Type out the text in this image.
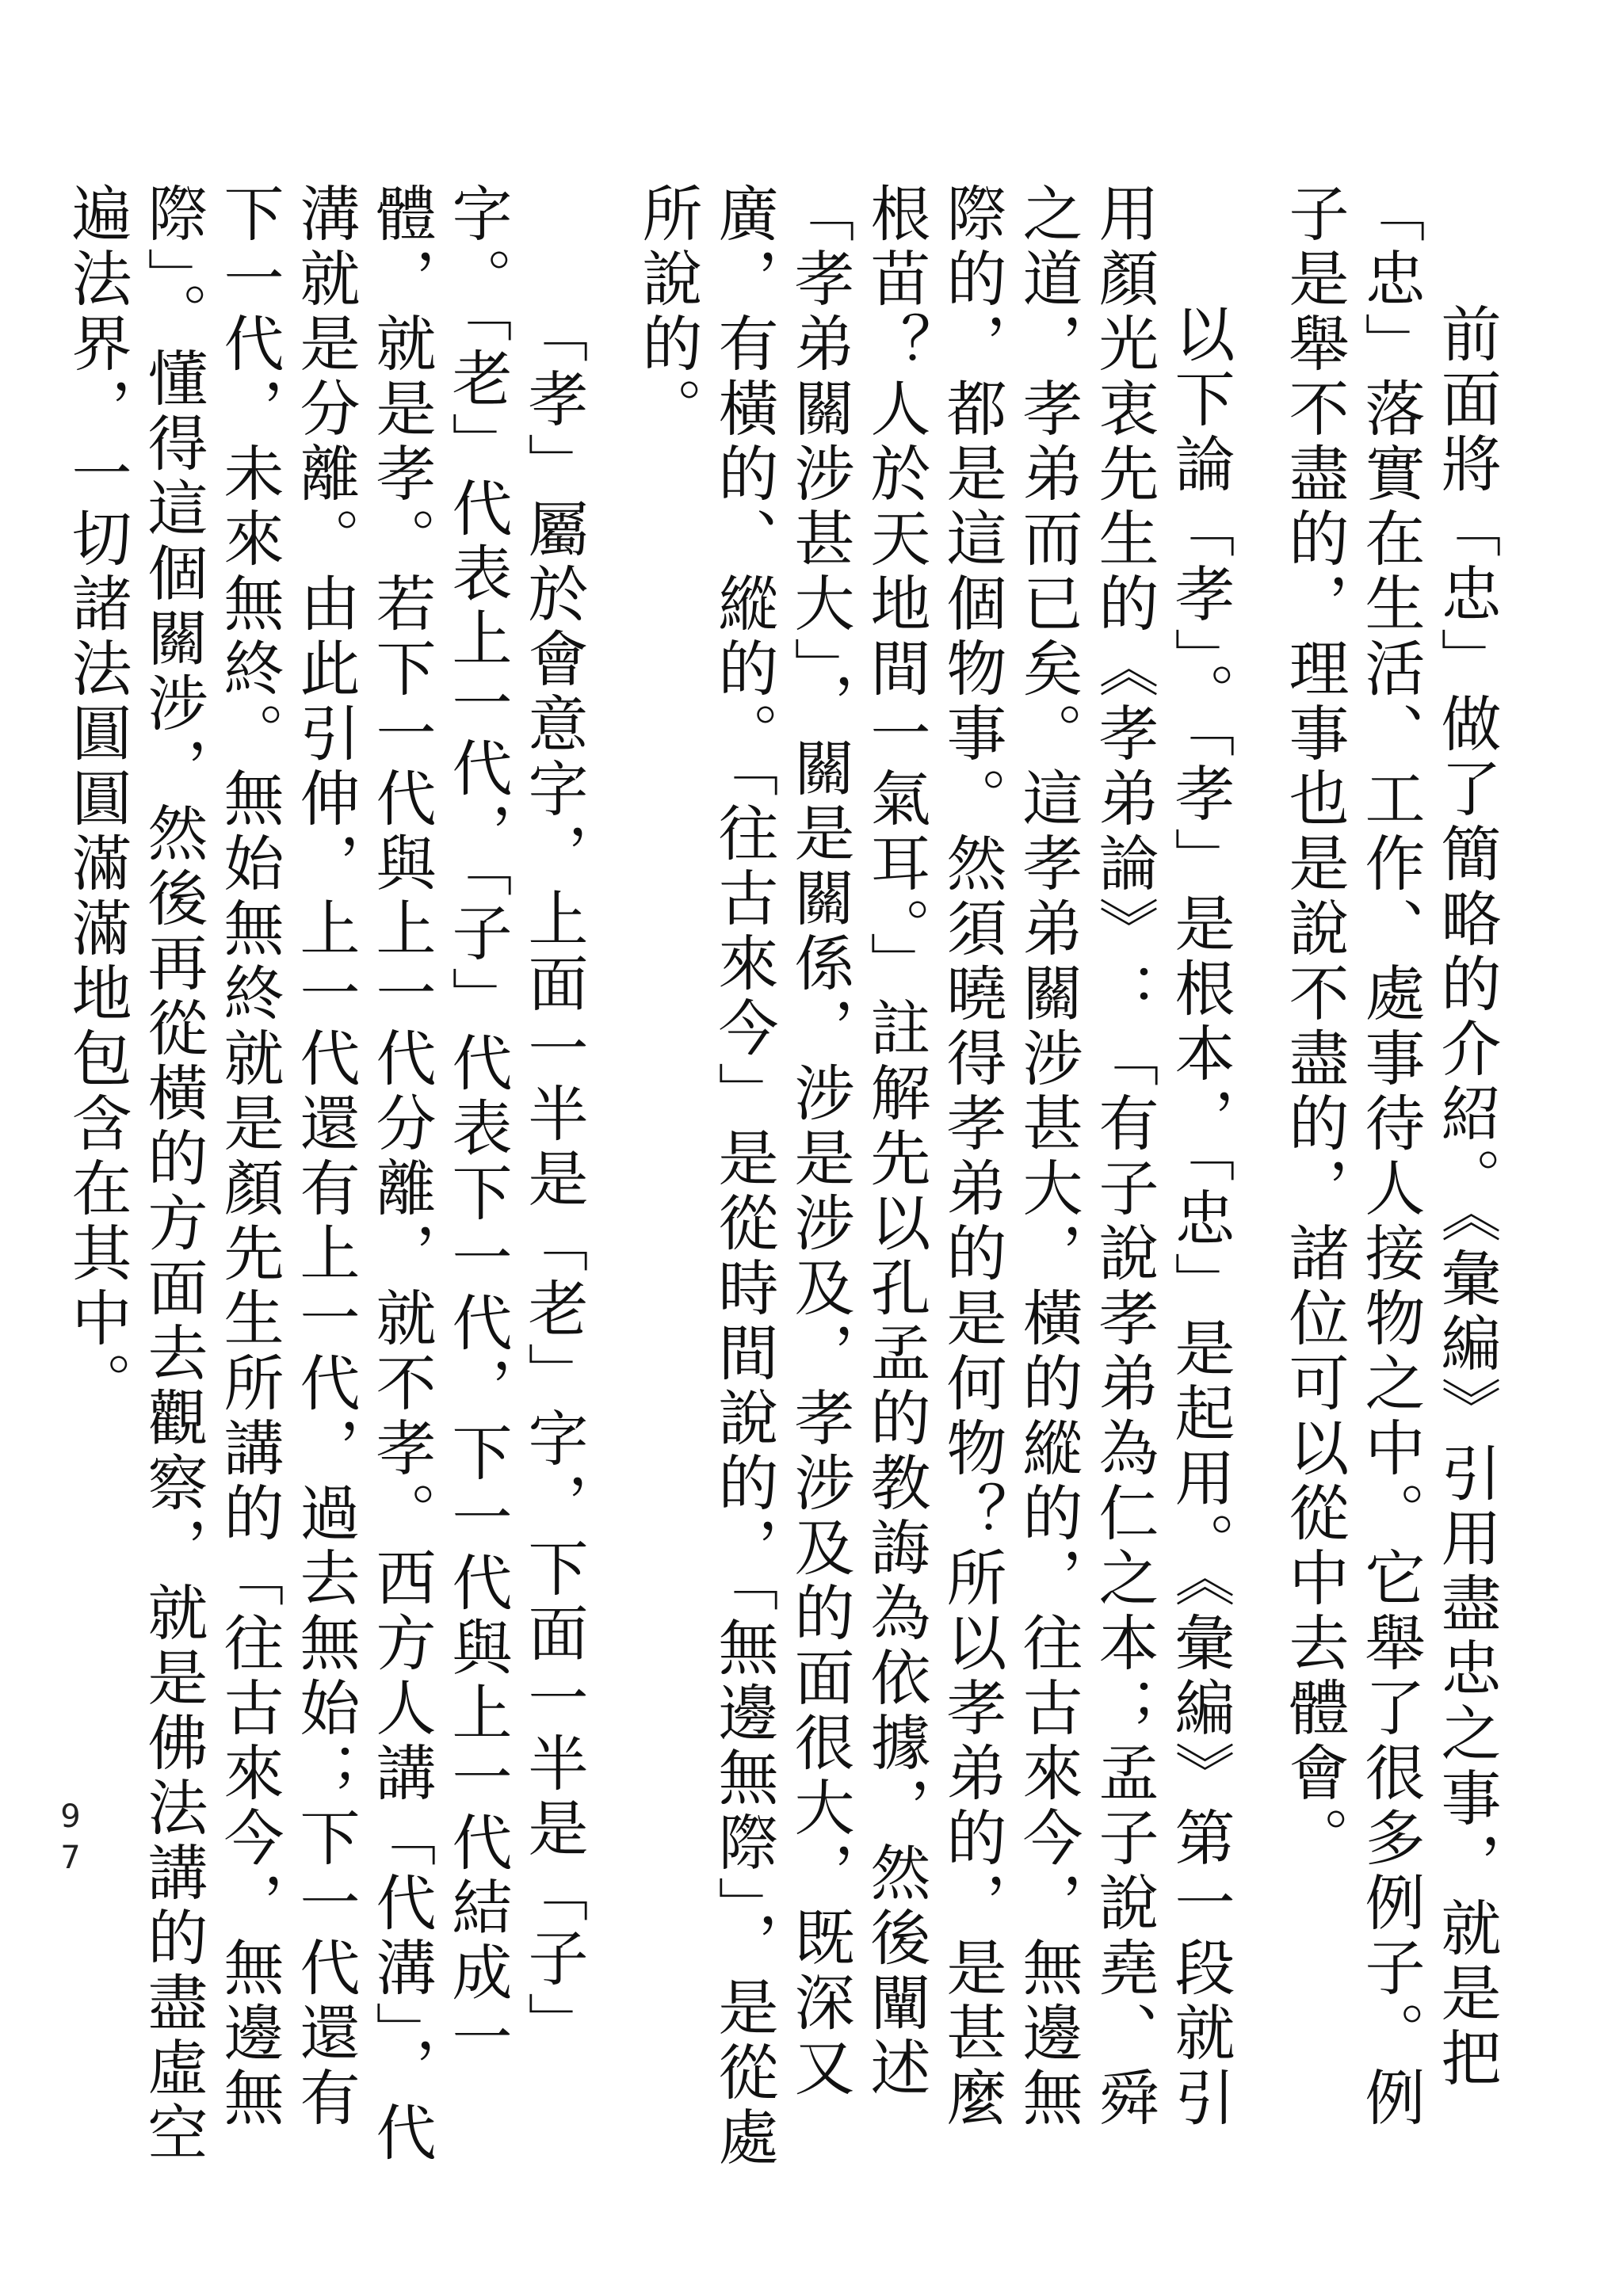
前面將「忠」做了簡略的介紹。《彙編》引用盡忠之事，就是把「忠」落實在生活、工作、處事待人接物之中。它舉了很多例子。例子是舉不盡的，理事也是說不盡的，諸位可以從中去體會。

以下論「孝」。「孝」是根本，「忠」是起用。《彙編》第一段就引用顏光衷先生的《孝弟論》：「有子說孝弟為仁之本；孟子說堯、舜之道，孝弟而已矣。這孝弟關涉甚大，橫的縱的，往古來今，無邊無際的，都是這個物事。然須曉得孝弟的是何物？所以孝弟的，是甚麼根苗？人於天地間一氣耳。」註解先以孔孟的教誨為依據，然後闡述「孝弟關涉甚大」，關是關係，涉是涉及，孝涉及的面很大，既深又廣，有橫的、縱的。「往古來今」是從時間說的，「無邊無際」，是從處所說的。

「孝」屬於會意字，上面一半是「老」字，下面一半是「子」字。「老」代表上一代，「子」代表下一代，下一代與上一代結成一體，就是孝。若下一代與上一代分離，就不孝。西方人講「代溝」，代溝就是分離。由此引伸，上一代還有上一代，過去無始；下一代還有下一代，未來無終。無始無終就是顏先生所講的「往古來今，無邊無際」。懂得這個關涉，然後再從橫的方面去觀察，就是佛法講的盡虛空遍法界，一切諸法圓圓滿滿地包含在其中。

97
